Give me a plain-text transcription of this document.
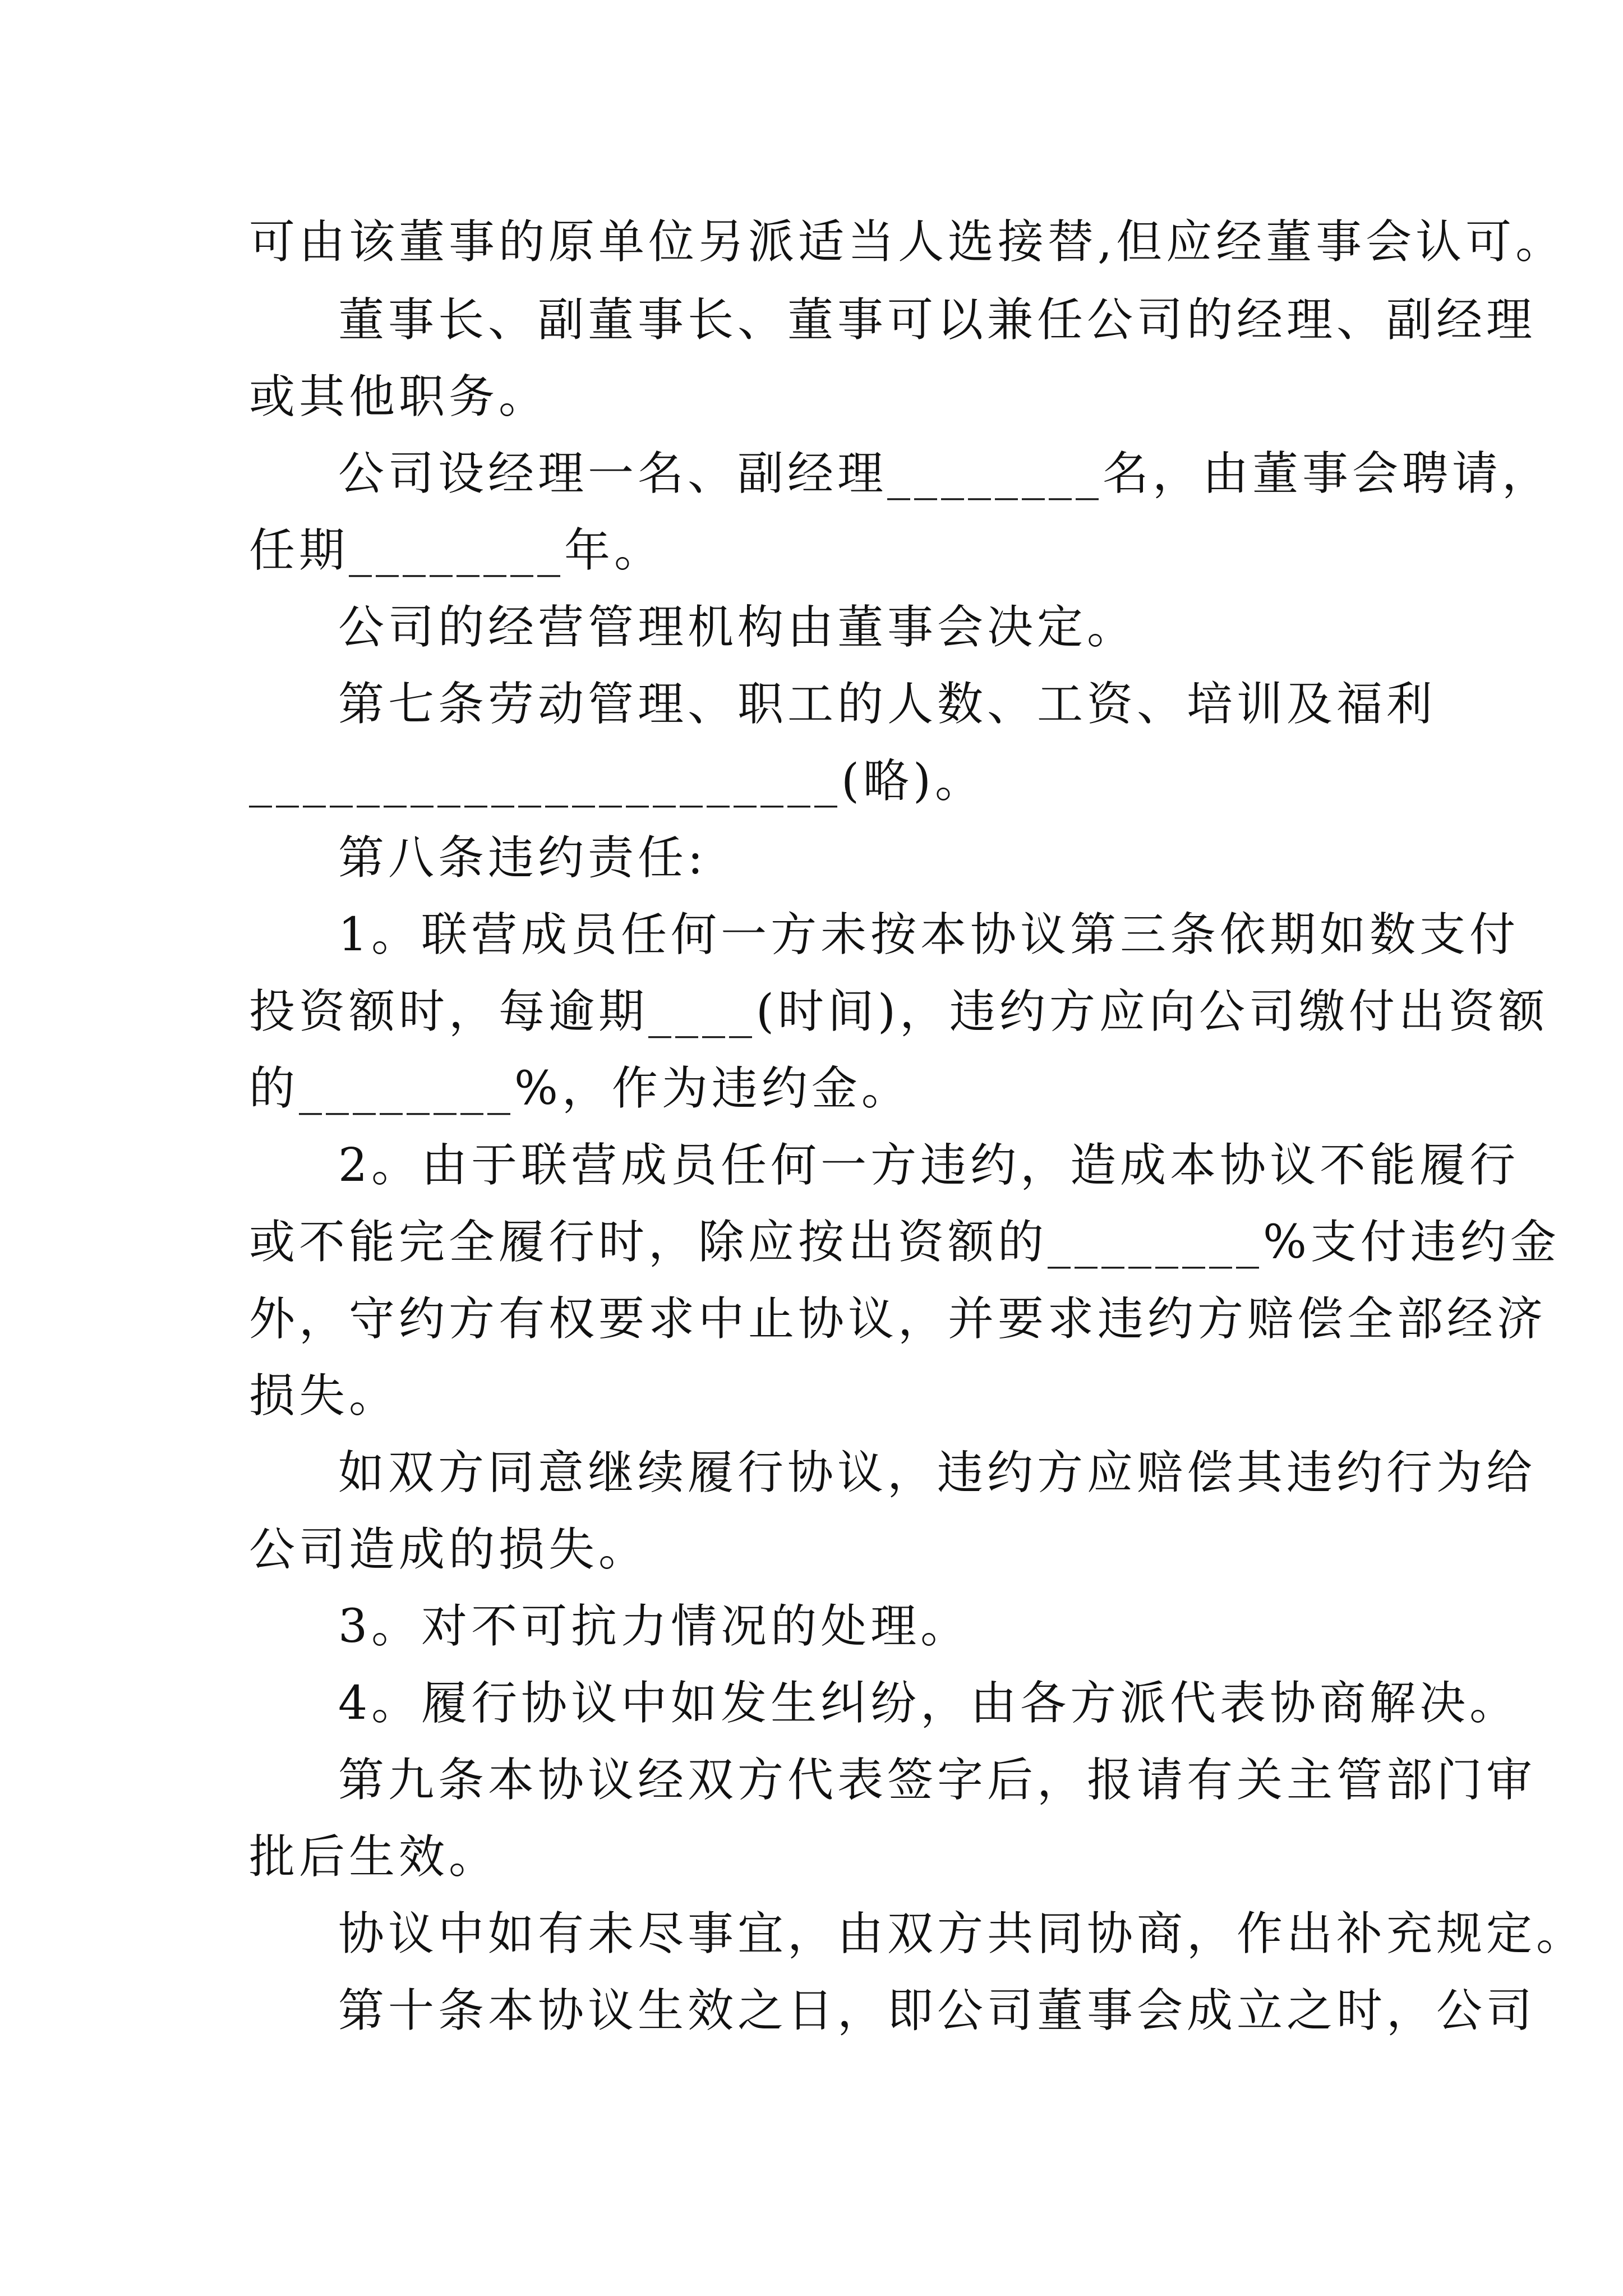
可由该董事的原单位另派适当人选接替,但应经董事会认可。
董事长、副董事长、董事可以兼任公司的经理、副经理
或其他职务。
公司设经理一名、副经理________名，由董事会聘请，
任期________年。
公司的经营管理机构由董事会决定。
第七条劳动管理、职工的人数、工资、培训及福利
______________________(略)。
第八条违约责任:
1。联营成员任何一方未按本协议第三条依期如数支付
投资额时，每逾期____(时间)，违约方应向公司缴付出资额
的________%，作为违约金。
2。由于联营成员任何一方违约，造成本协议不能履行
或不能完全履行时，除应按出资额的________%支付违约金
外，守约方有权要求中止协议，并要求违约方赔偿全部经济
损失。
如双方同意继续履行协议，违约方应赔偿其违约行为给
公司造成的损失。
3。对不可抗力情况的处理。
4。履行协议中如发生纠纷，由各方派代表协商解决。
第九条本协议经双方代表签字后，报请有关主管部门审
批后生效。
协议中如有未尽事宜，由双方共同协商，作出补充规定。
第十条本协议生效之日，即公司董事会成立之时，公司
